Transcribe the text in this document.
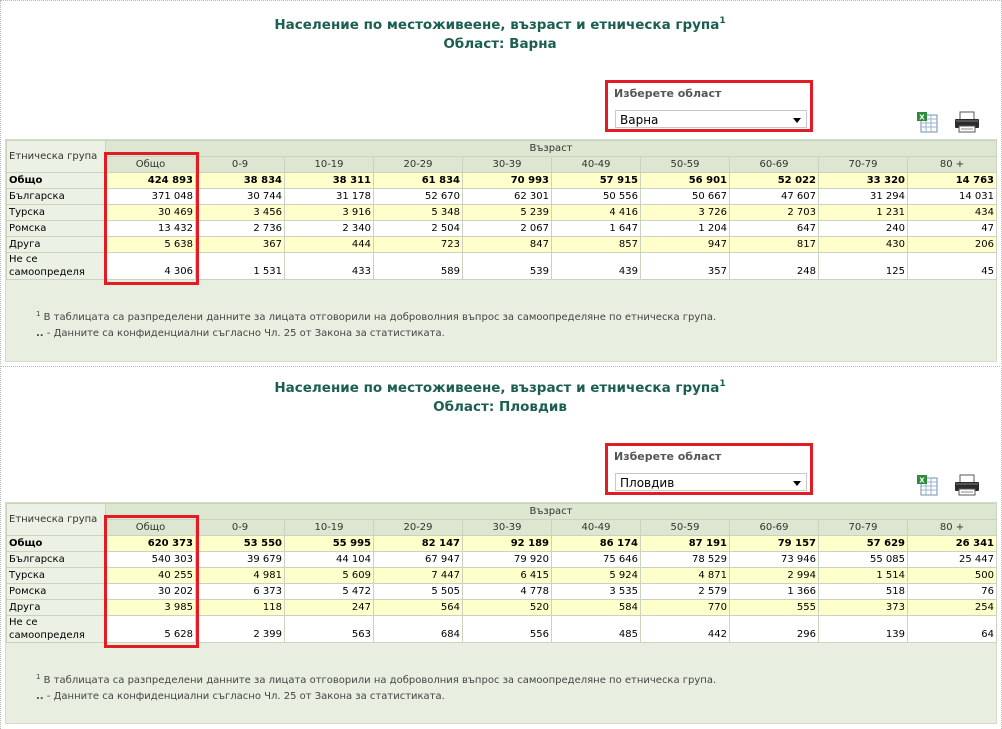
Население по местоживеене, възраст и етническа група$^1$
Област: Варна
Изберете област
Варна	X
Етническа група	Възраст									
	Общо	0-9	10-19	20-29	30-39	40-49	50-59	60-69	70-79	80 +
Общо	424 893	38 834	38 311	61 834	70 993	57 915	56 901	52 022	33 320	14 763
Българска	371 048	30 744	31 178	52 670	62 301	50 556	50 667	47 607	31 294	14 031
Турска	30 469	3 456	3 916	5 348	5 239	4 416	3 726	2 703	1 231	434
Ромска	13 432	2 736	2 340	2 504	2 067	1 647	1 204	647	240	47
Друга	5 638	367	444	723	847	857	947	817	430	206
Не се самоопределя	4 306	1 531	433	589	539	439	357	248	125	45
$^1$ В таблицата са разпределени данните за лицата отговорили на доброволния въпрос за самоопределяне по етническа група.
.. - Данните са конфиденциални съгласно Чл. 25 от Закона за статистиката.
Население по местоживеене, възраст и етническа група$^1$
Област: Пловдив
Изберете област
Пловдив	X
Етническа група	Възраст									
	Общо	0-9	10-19	20-29	30-39	40-49	50-59	60-69	70-79	80 +
Общо	620 373	53 550	55 995	82 147	92 189	86 174	87 191	79 157	57 629	26 341
Българска	540 303	39 679	44 104	67 947	79 920	75 646	78 529	73 946	55 085	25 447
Турска	40 255	4 981	5 609	7 447	6 415	5 924	4 871	2 994	1 514	500
Ромска	30 202	6 373	5 472	5 505	4 778	3 535	2 579	1 366	518	76
Друга	3 985	118	247	564	520	584	770	555	373	254
Не се самоопределя	5 628	2 399	563	684	556	485	442	296	139	64
$^1$ В таблицата са разпределени данните за лицата отговорили на доброволния въпрос за самоопределяне по етническа група.
.. - Данните са конфиденциални съгласно Чл. 25 от Закона за статистиката.
